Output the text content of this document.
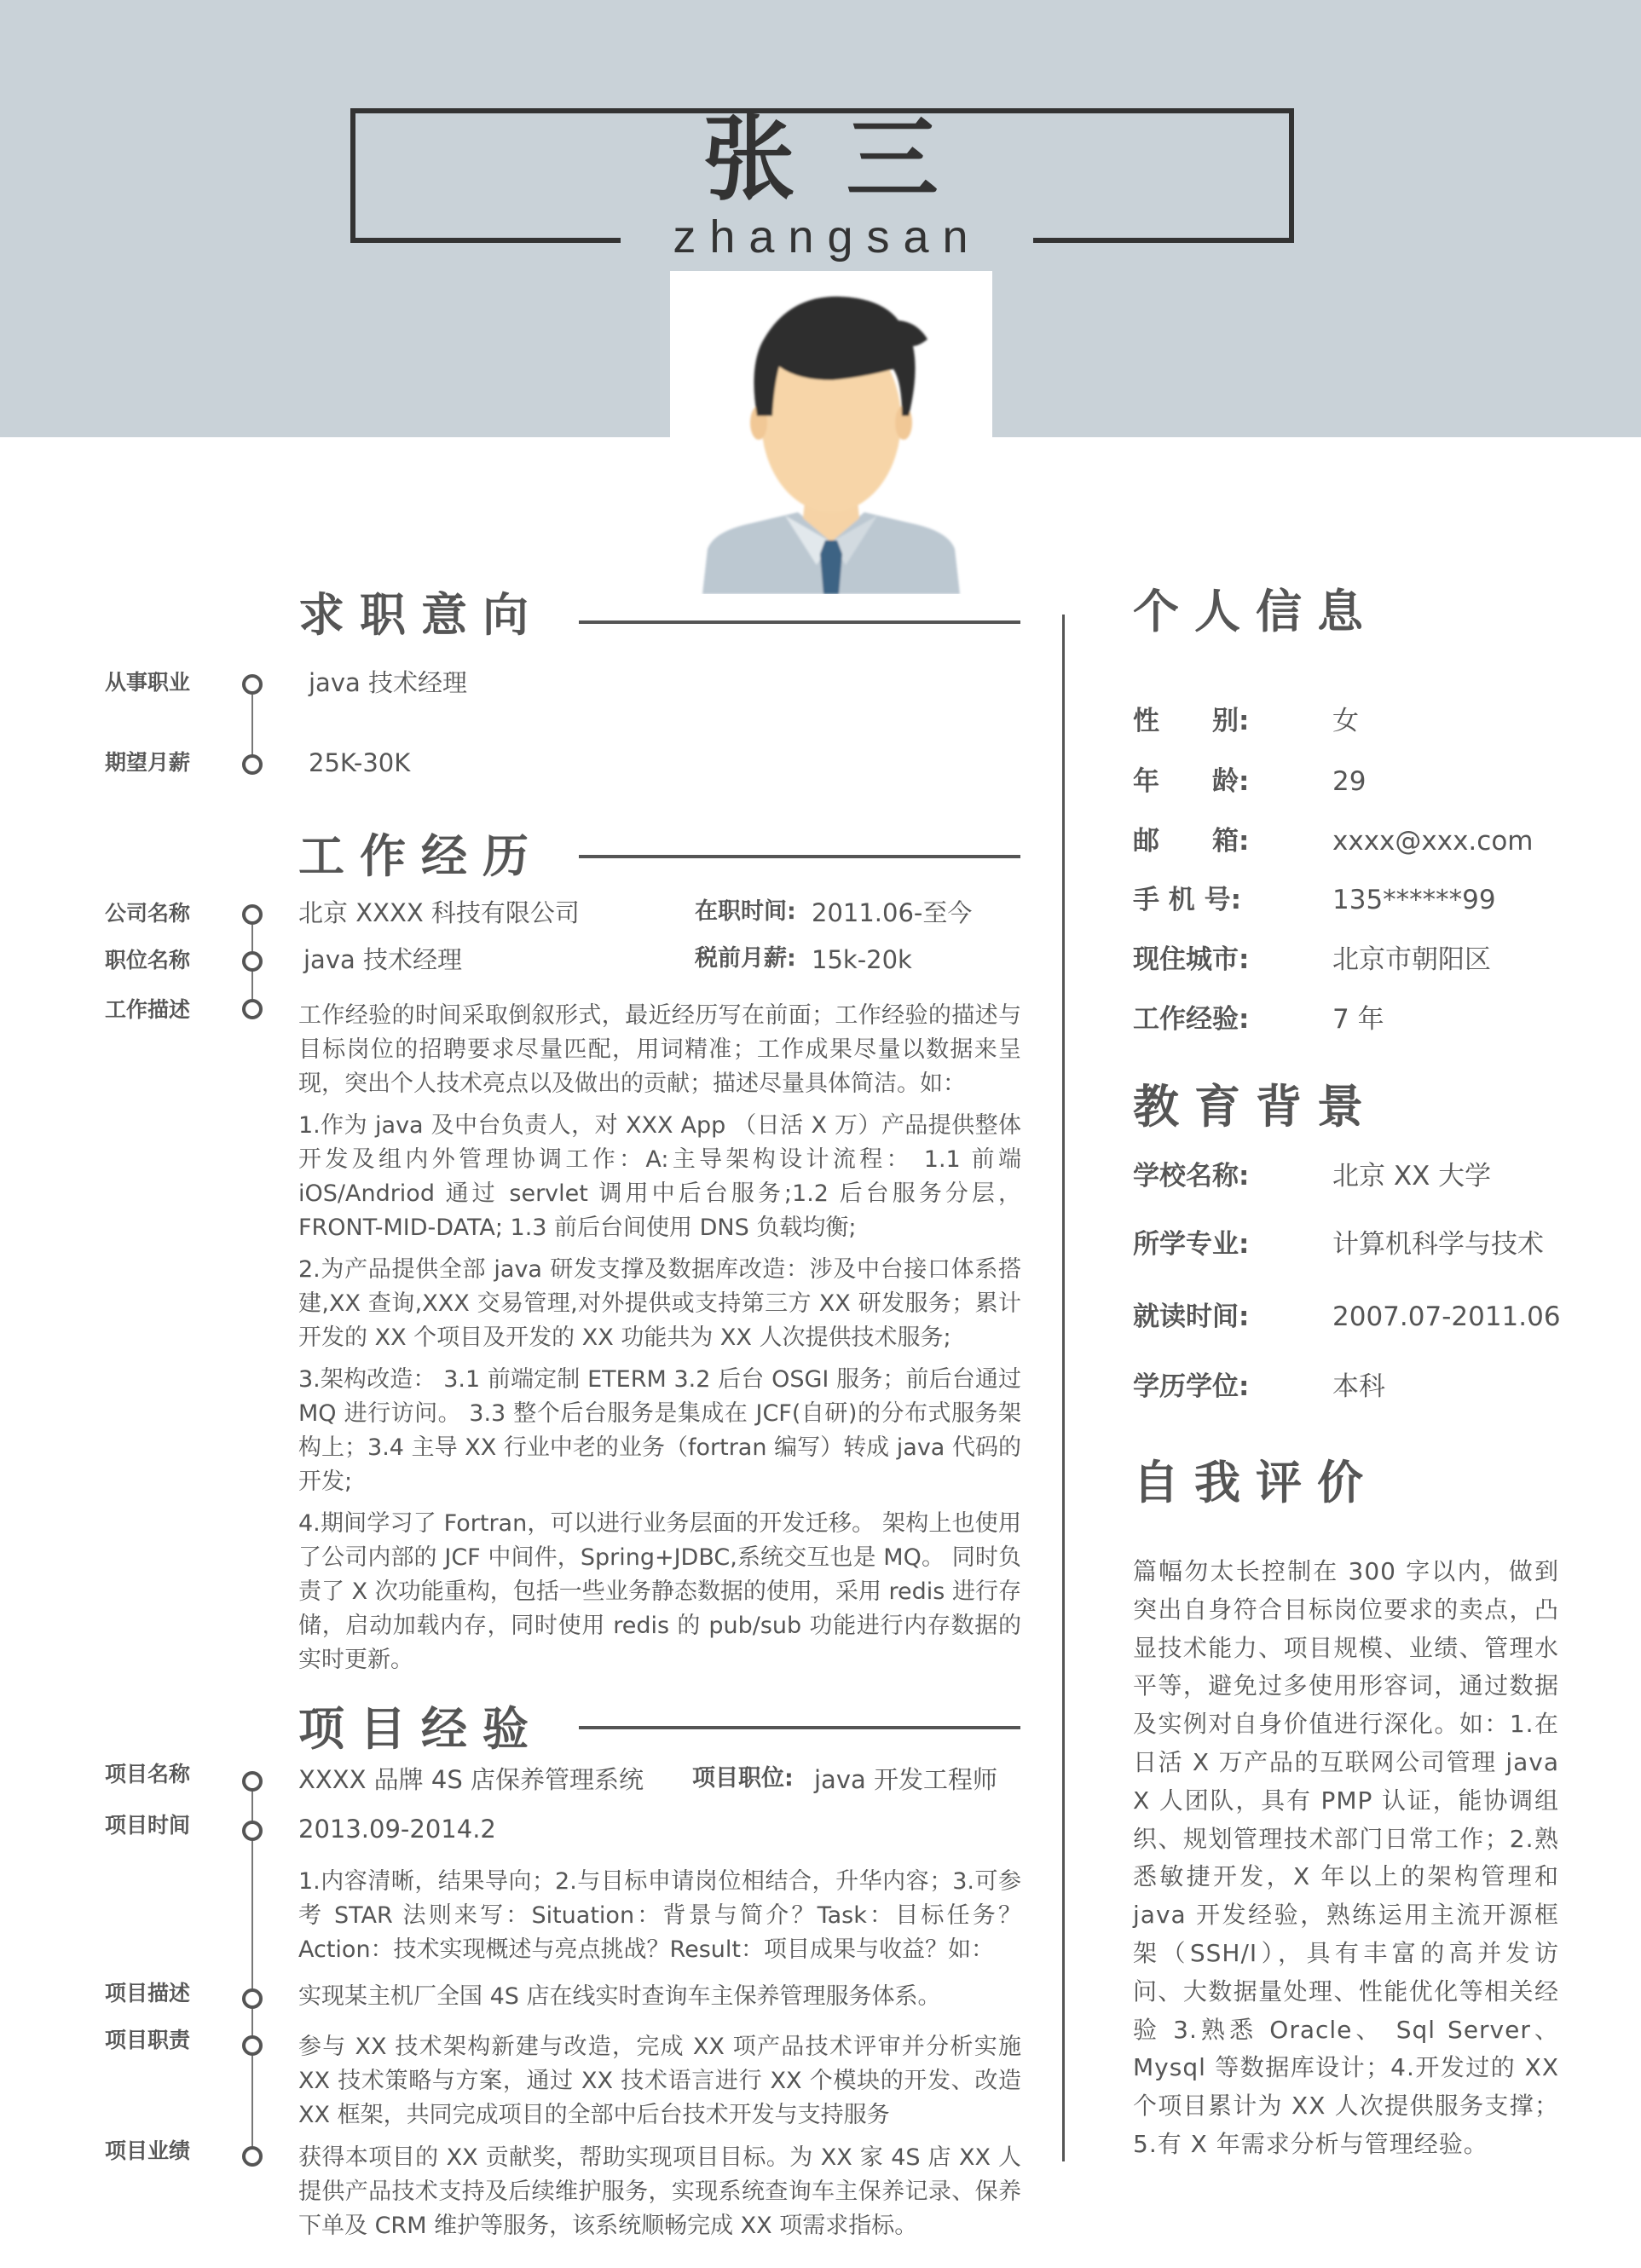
张三
zhangsan
求职意向
从事职业	java 技术经理
期望月薪	25K-30K
工作经历
公司名称	北京 XXXX 科技有限公司	在职时间: 2011.06-至今
职位名称	java 技术经理	税前月薪: 15k-20k
工作描述	工作经验的时间采取倒叙形式，最近经历写在前面；工作经验的描述与目标岗位的招聘要求尽量匹配，用词精准；工作成果尽量以数据来呈现，突出个人技术亮点以及做出的贡献；描述尽量具体简洁。如：

1.作为 java 及中台负责人，对 XXX App （日活 X 万）产品提供整体开发及组内外管理协调工作：A:主导架构设计流程： 1.1 前端 iOS/Andriod 通过 servlet 调用中后台服务;1.2 后台服务分层，FRONT-MID-DATA; 1.3 前后台间使用 DNS 负载均衡;

2.为产品提供全部 java 研发支撑及数据库改造：涉及中台接口体系搭建,XX 查询,XXX 交易管理,对外提供或支持第三方 XX 研发服务；累计开发的 XX 个项目及开发的 XX 功能共为 XX 人次提供技术服务;

3.架构改造： 3.1 前端定制 ETERM 3.2 后台 OSGI 服务；前后台通过 MQ 进行访问。 3.3 整个后台服务是集成在 JCF(自研)的分布式服务架构上；3.4 主导 XX 行业中老的业务（fortran 编写）转成 java 代码的开发;

4.期间学习了 Fortran，可以进行业务层面的开发迁移。 架构上也使用了公司内部的 JCF 中间件，Spring+JDBC,系统交互也是 MQ。 同时负责了 X 次功能重构，包括一些业务静态数据的使用，采用 redis 进行存储，启动加载内存，同时使用 redis 的 pub/sub 功能进行内存数据的实时更新。

项目经验
项目名称	XXXX 品牌 4S 店保养管理系统 项目职位: java 开发工程师
项目时间	2013.09-2014.2
1.内容清晰，结果导向；2.与目标申请岗位相结合，升华内容；3.可参考 STAR 法则来写：Situation：背景与简介？Task：目标任务？Action：技术实现概述与亮点挑战？Result：项目成果与收益？如：
项目描述	实现某主机厂全国 4S 店在线实时查询车主保养管理服务体系。
项目职责	参与 XX 技术架构新建与改造，完成 XX 项产品技术评审并分析实施 XX 技术策略与方案，通过 XX 技术语言进行 XX 个模块的开发、改造 XX 框架，共同完成项目的全部中后台技术开发与支持服务
项目业绩	获得本项目的 XX 贡献奖，帮助实现项目目标。为 XX 家 4S 店 XX 人提供产品技术支持及后续维护服务，实现系统查询车主保养记录、保养下单及 CRM 维护等服务，该系统顺畅完成 XX 项需求指标。
个人信息
性　　别:	女
年　　龄:	29
邮　　箱:	xxxx@xxx.com
手 机 号:	135******99
现住城市:	北京市朝阳区
工作经验:	7 年
教育背景
学校名称:	北京 XX 大学
所学专业:	计算机科学与技术
就读时间:	2007.07-2011.06
学历学位:	本科
自我评价
篇幅勿太长控制在 300 字以内，做到突出自身符合目标岗位要求的卖点，凸显技术能力、项目规模、业绩、管理水平等，避免过多使用形容词，通过数据及实例对自身价值进行深化。如：1.在日活 X 万产品的互联网公司管理 java X 人团队，具有 PMP 认证，能协调组织、规划管理技术部门日常工作；2.熟悉敏捷开发，X 年以上的架构管理和 java 开发经验，熟练运用主流开源框架（SSH/I），具有丰富的高并发访问、大数据量处理、性能优化等相关经验 3.熟悉 Oracle、 Sql Server、Mysql 等数据库设计；4.开发过的 XX 个项目累计为 XX 人次提供服务支撑；5.有 X 年需求分析与管理经验。
